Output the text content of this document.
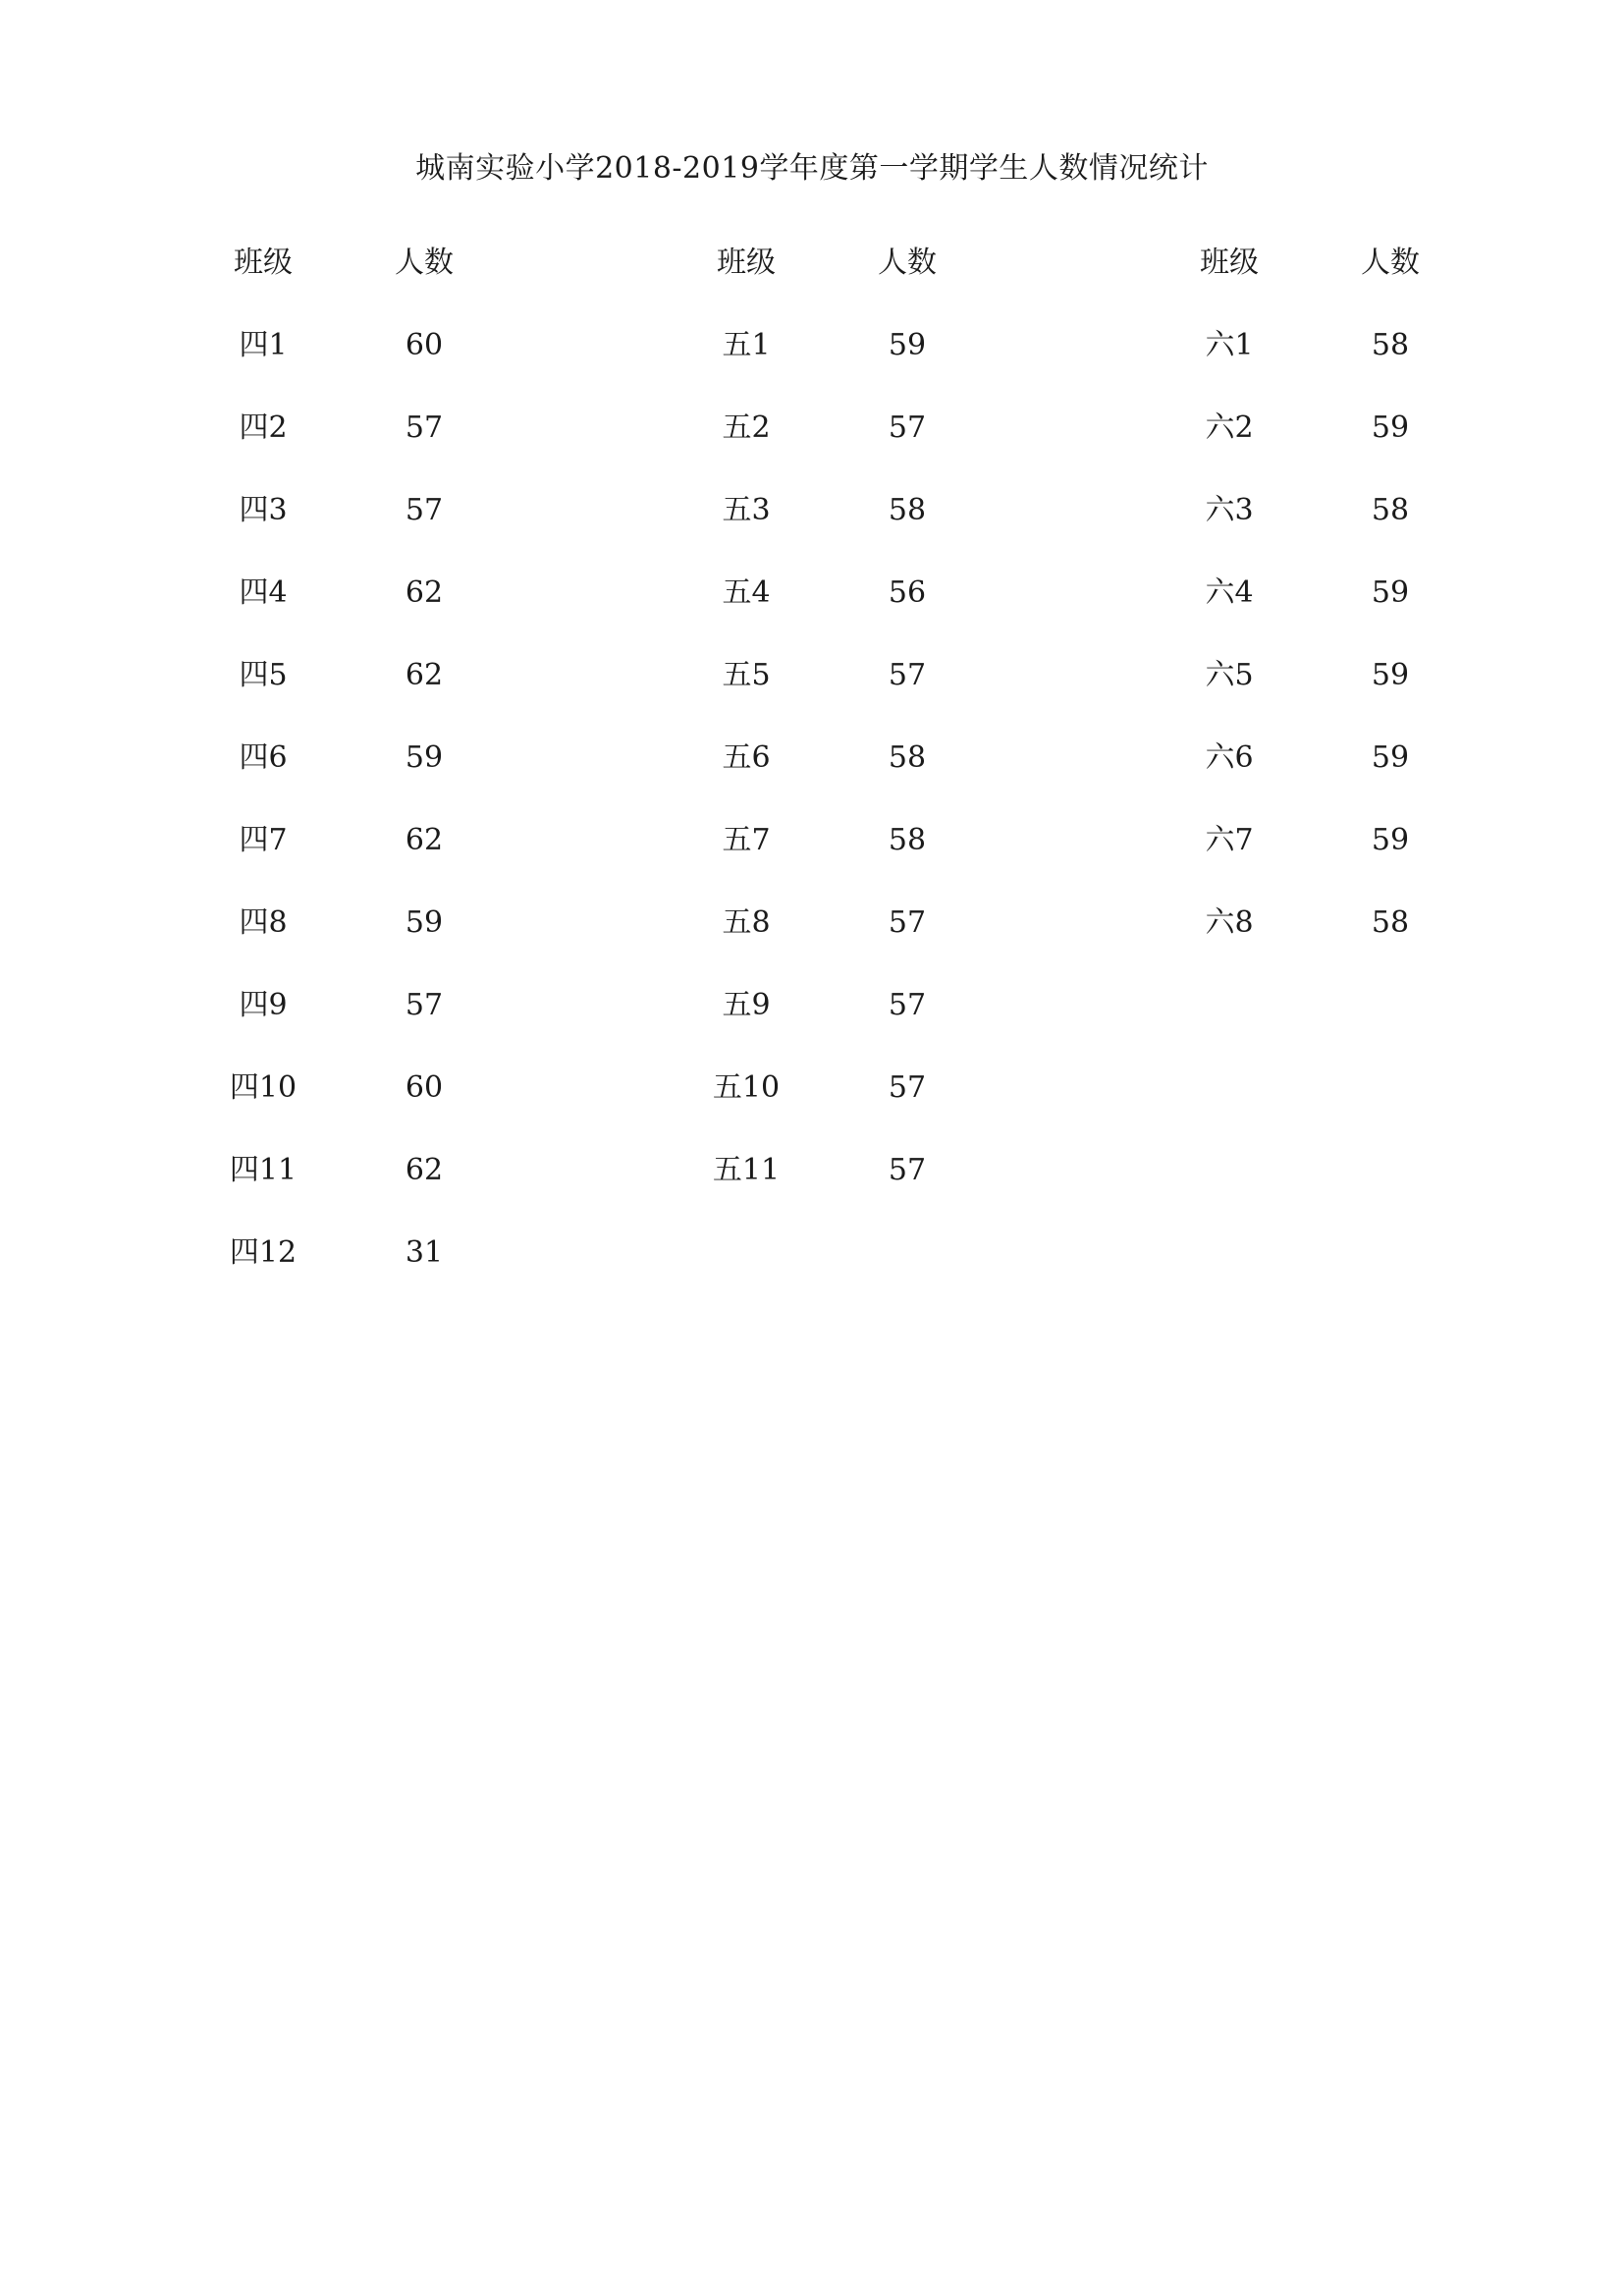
城南实验小学2018-2019学年度第一学期学生人数情况统计
班级	人数
四1	60
四2	57
四3	57
四4	62
四5	62
四6	59
四7	62
四8	59
四9	57
四10	60
四11	62
四12	31
班级	人数
五1	59
五2	57
五3	58
五4	56
五5	57
五6	58
五7	58
五8	57
五9	57
五10	57
五11	57
班级	人数
六1	58
六2	59
六3	58
六4	59
六5	59
六6	59
六7	59
六8	58
